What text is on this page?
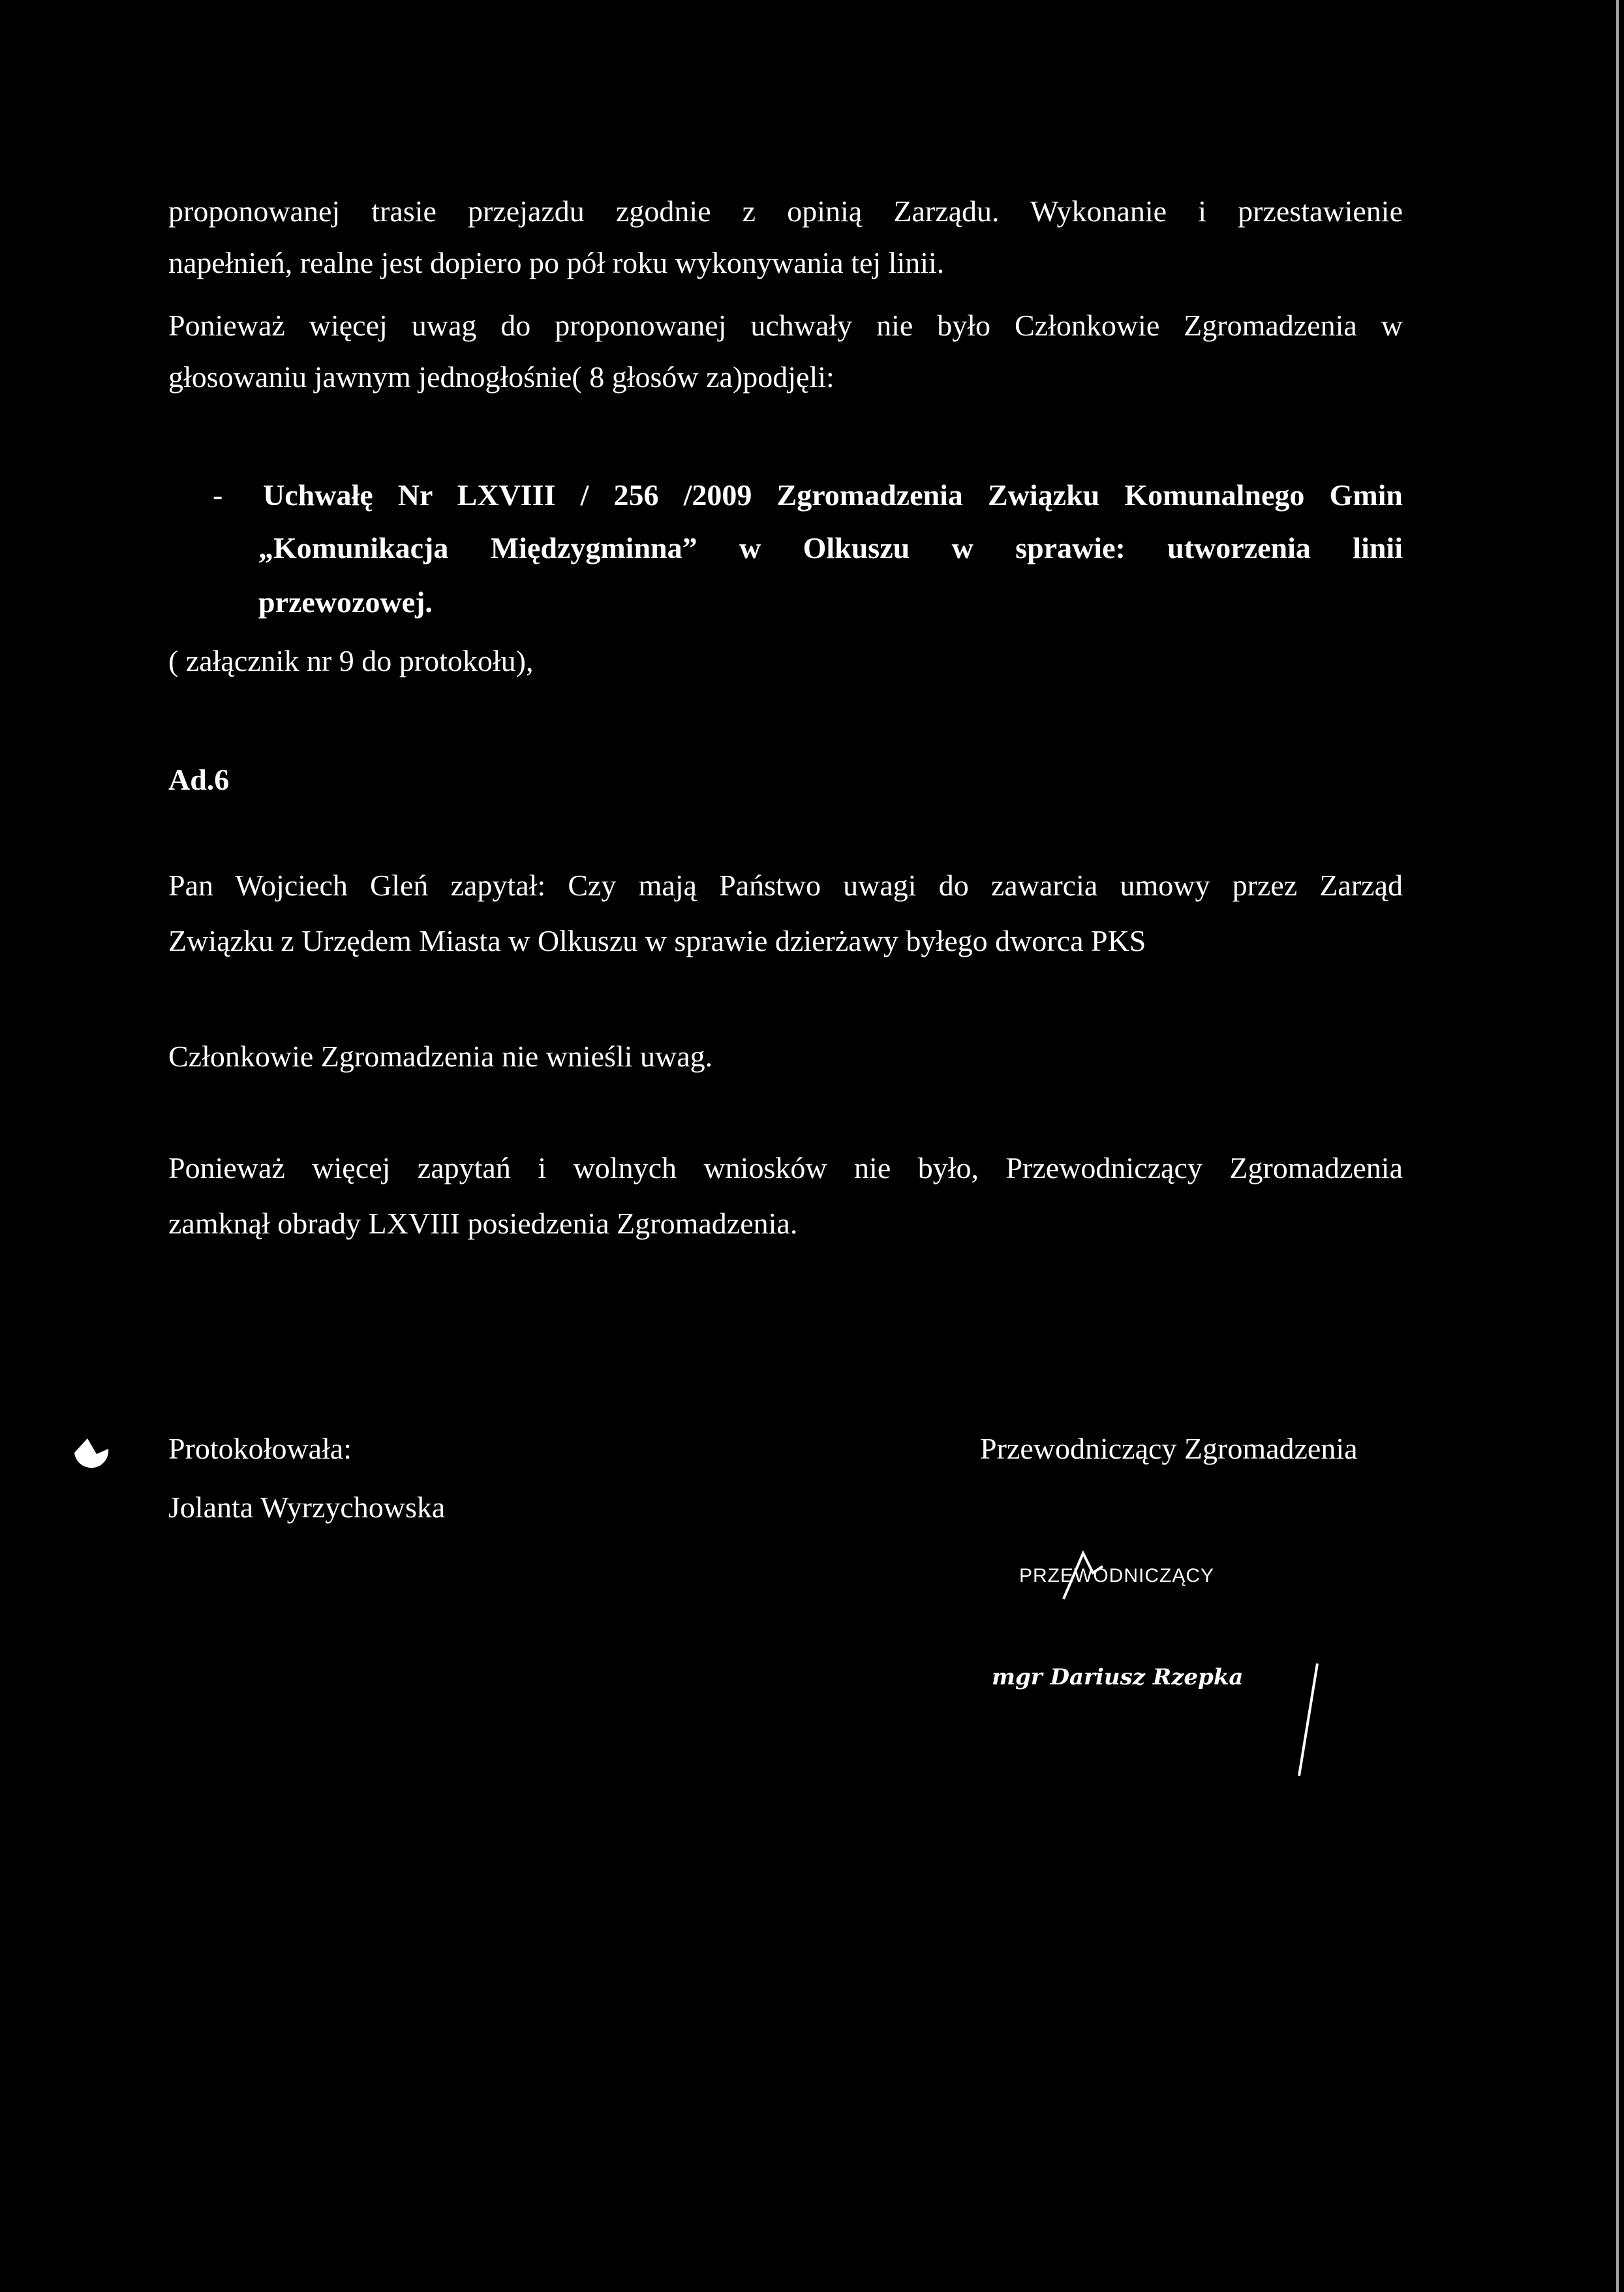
proponowanej trasie przejazdu zgodnie z opinią Zarządu. Wykonanie i przestawienie
napełnień, realne jest dopiero po pół roku wykonywania tej linii.
Ponieważ więcej uwag do proponowanej uchwały nie było Członkowie Zgromadzenia w
głosowaniu jawnym jednogłośnie( 8 głosów za)podjęli:
- Uchwałę Nr LXVIII / 256 /2009 Zgromadzenia Związku Komunalnego Gmin
„Komunikacja Międzygminna” w Olkuszu w sprawie: utworzenia linii
przewozowej.
( załącznik nr 9 do protokołu),
Ad.6
Pan Wojciech Gleń zapytał: Czy mają Państwo uwagi do zawarcia umowy przez Zarząd
Związku z Urzędem Miasta w Olkuszu w sprawie dzierżawy byłego dworca PKS
Członkowie Zgromadzenia nie wnieśli uwag.
Ponieważ więcej zapytań i wolnych wniosków nie było, Przewodniczący Zgromadzenia
zamknął obrady LXVIII posiedzenia Zgromadzenia.
Protokołowała:
Jolanta Wyrzychowska
Przewodniczący Zgromadzenia
PRZEWODNICZĄCY
mgr Dariusz Rzepka
